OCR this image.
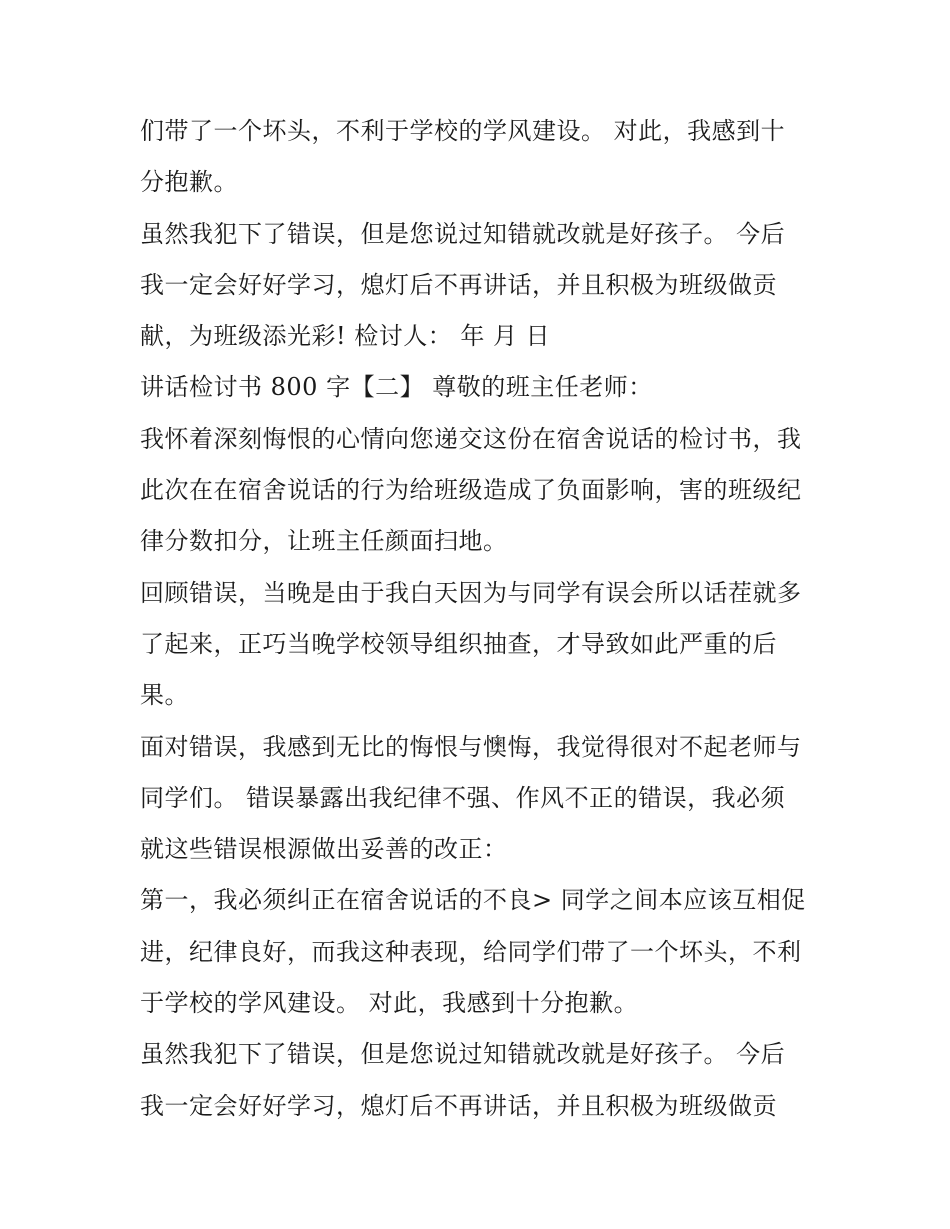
们带了一个坏头，不利于学校的学风建设。 对此，我感到十
分抱歉。
虽然我犯下了错误，但是您说过知错就改就是好孩子。 今后
我一定会好好学习，熄灯后不再讲话，并且积极为班级做贡
献，为班级添光彩! 检讨人： 年 月 日
讲话检讨书 800 字【二】 尊敬的班主任老师：
我怀着深刻悔恨的心情向您递交这份在宿舍说话的检讨书，我
此次在在宿舍说话的行为给班级造成了负面影响，害的班级纪
律分数扣分，让班主任颜面扫地。
回顾错误，当晚是由于我白天因为与同学有误会所以话茬就多
了起来，正巧当晚学校领导组织抽查，才导致如此严重的后
果。
面对错误，我感到无比的悔恨与懊悔，我觉得很对不起老师与
同学们。 错误暴露出我纪律不强、作风不正的错误，我必须
就这些错误根源做出妥善的改正：
第一，我必须纠正在宿舍说话的不良> 同学之间本应该互相促
进，纪律良好，而我这种表现，给同学们带了一个坏头，不利
于学校的学风建设。 对此，我感到十分抱歉。
虽然我犯下了错误，但是您说过知错就改就是好孩子。 今后
我一定会好好学习，熄灯后不再讲话，并且积极为班级做贡
